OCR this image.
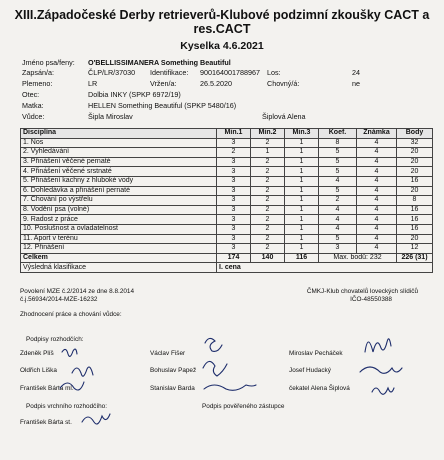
XIII.Západočeské Derby retrieverů-Klubové podzimní zkoušky CACT a
res.CACT
Kyselka 4.6.2021
Jméno psa/feny: O'BELLISSIMANERA Something Beautiful
Zapsán/a:	ČLP/LR/37030 Identifikace: 900164001788967 Los:	24
Plemeno:	LR	Vržen/a:	26.5.2020	Chovný/á:	ne
Otec:	Dolbia INKY (SPKP 6972/19)
Matka:	HELLEN Something Beautiful (SPKP 5480/16)
Vůdce:	Šipla Miroslav	Šiplová Alena
Disciplína	Min.1	Min.2	Min.3	Koef.	Známka	Body
1. Nos	3	2	1	8	4	32
2. Vyhledávání	2	1	1	5	4	20
3. Přinášení věčené pernaté	3	2	1	5	4	20
4. Přinášení věčené srstnaté	3	2	1	5	4	20
5. Přinášení kachny z hluboké vody	3	2	1	4	4	16
6. Dohledávka a přinášení pernaté	3	2	1	5	4	20
7. Chování po výstřelu	3	2	1	2	4	8
8. Vodění psa (volné)	3	2	1	4	4	16
9. Radost z práce	3	2	1	4	4	16
10. Poslušnost a ovladatelnost	3	2	1	4	4	16
11. Aport v terénu	3	2	1	5	4	20
12. Přinášení	3	2	1	3	4	12
Celkem	174	140	116	Max. bodů: 232		226 (31)
Výsledná klasifikace	I. cena					
Povolení MZE č.2/2014 ze dne 8.8.2014
č.j.56934/2014-MZE-16232
ČMKJ-Klub chovatelů loveckých slídičů
IČO-48550388
Zhodnocení práce a chování vůdce:
Podpisy rozhodčích:
Zdeněk Plíš	Václav Fišer	Miroslav Pecháček
Oldřich Liška	Bohuslav Papež	Josef Hudacký
František Bárta ml.	Stanislav Barda	čekatel Alena Šiplová
Podpis vrchního rozhodčího:	Podpis pověřeného zástupce
František Bárta st.
